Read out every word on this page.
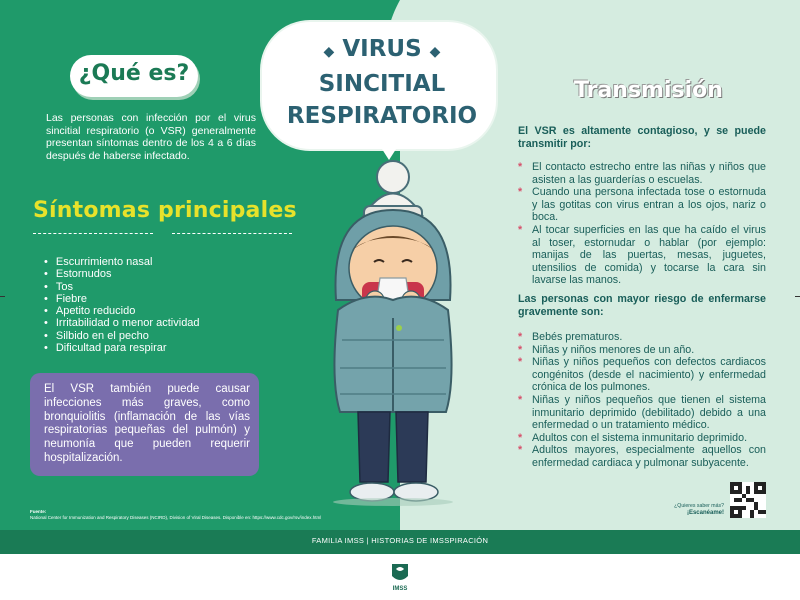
¿Qué es?
Las personas con infección por el virus sincitial respiratorio (o VSR) generalmente presentan síntomas dentro de los 4 a 6 días después de haberse infectado.
Síntomas principales
• Escurrimiento nasal
• Estornudos
• Tos
• Fiebre
• Apetito reducido
• Irritabilidad o menor actividad
• Silbido en el pecho
• Dificultad para respirar
El VSR también puede causar infecciones más graves, como bronquiolitis (inflamación de las vías respiratorias pequeñas del pulmón) y neumonía que pueden requerir hospitalización.
Fuente:
National Center for Immunization and Respiratory Diseases (NCIRD), Division of Viral Diseases. Disponible en: https://www.cdc.gov/rsv/index.html
◆ VIRUS ◆
SINCITIAL
RESPIRATORIO
Transmisión
El VSR es altamente contagioso, y se puede transmitir por:
* El contacto estrecho entre las niñas y niños que asisten a las guarderías o escuelas.
* Cuando una persona infectada tose o estornuda y las gotitas con virus entran a los ojos, nariz o boca.
* Al tocar superficies en las que ha caído el virus al toser, estornudar o hablar (por ejemplo: manijas de las puertas, mesas, juguetes, utensilios de comida) y tocarse la cara sin lavarse las manos.
Las personas con mayor riesgo de enfermarse gravemente son:
* Bebés prematuros.
* Niñas y niños menores de un año.
* Niñas y niños pequeños con defectos cardiacos congénitos (desde el nacimiento) y enfermedad crónica de los pulmones.
* Niñas y niños pequeños que tienen el sistema inmunitario deprimido (debilitado) debido a una enfermedad o un tratamiento médico.
* Adultos con el sistema inmunitario deprimido.
* Adultos mayores, especialmente aquellos con enfermedad cardiaca y pulmonar subyacente.
¿Quieres saber más?
¡Escanéame!
FAMILIA IMSS | HISTORIAS DE IMSSPIRACIÓN
IMSS
